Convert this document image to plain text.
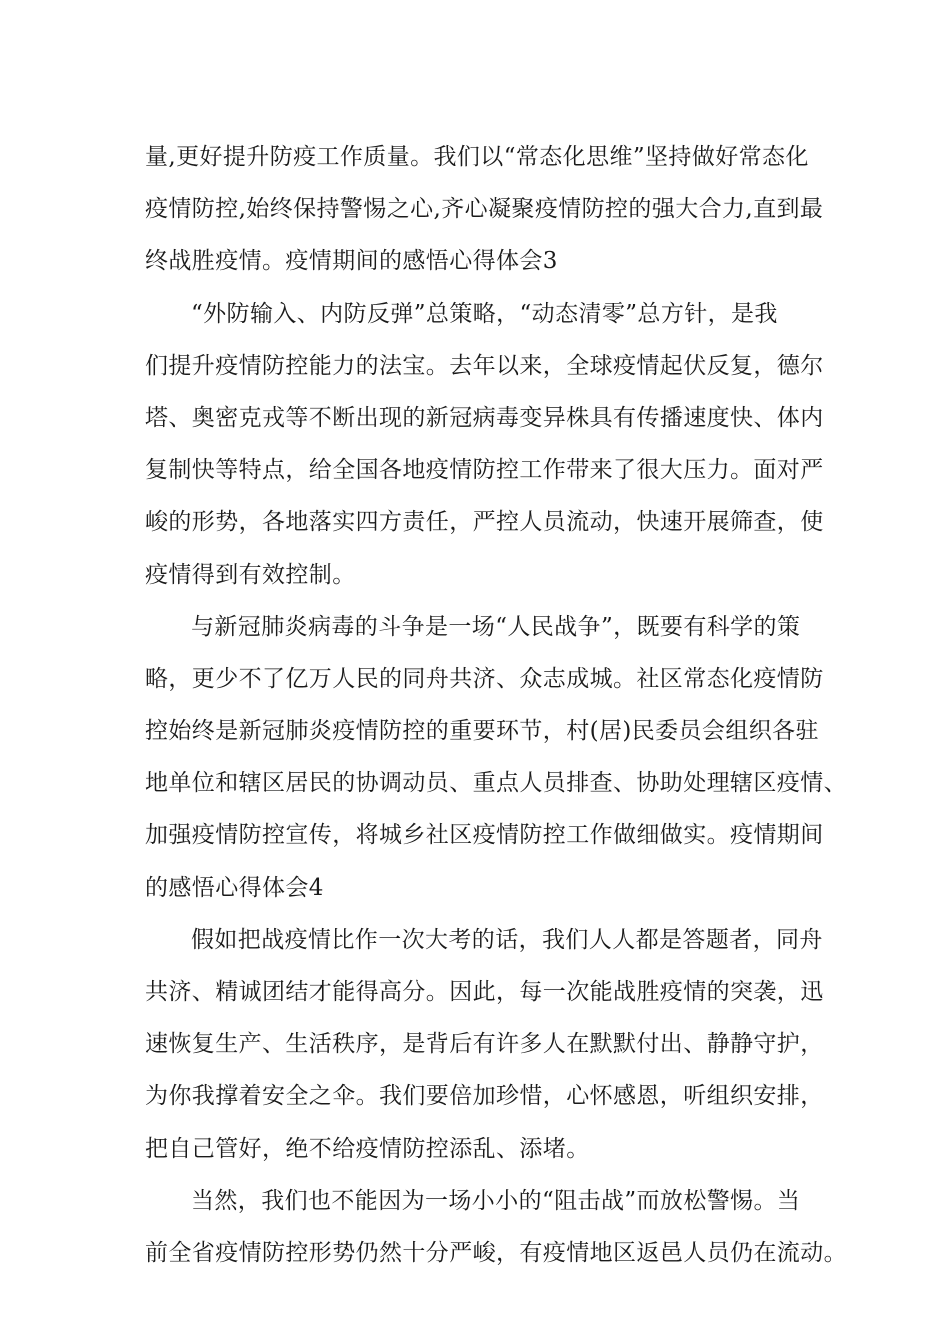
量,更好提升防疫工作质量。我们以“常态化思维”坚持做好常态化
疫情防控,始终保持警惕之心,齐心凝聚疫情防控的强大合力,直到最
终战胜疫情。疫情期间的感悟心得体会3
“外防输入、内防反弹”总策略，“动态清零”总方针，是我
们提升疫情防控能力的法宝。去年以来，全球疫情起伏反复，德尔
塔、奥密克戎等不断出现的新冠病毒变异株具有传播速度快、体内
复制快等特点，给全国各地疫情防控工作带来了很大压力。面对严
峻的形势，各地落实四方责任，严控人员流动，快速开展筛查，使
疫情得到有效控制。
与新冠肺炎病毒的斗争是一场“人民战争”，既要有科学的策
略，更少不了亿万人民的同舟共济、众志成城。社区常态化疫情防
控始终是新冠肺炎疫情防控的重要环节，村(居)民委员会组织各驻
地单位和辖区居民的协调动员、重点人员排查、协助处理辖区疫情、
加强疫情防控宣传，将城乡社区疫情防控工作做细做实。疫情期间
的感悟心得体会4
假如把战疫情比作一次大考的话，我们人人都是答题者，同舟
共济、精诚团结才能得高分。因此，每一次能战胜疫情的突袭，迅
速恢复生产、生活秩序，是背后有许多人在默默付出、静静守护，
为你我撑着安全之伞。我们要倍加珍惜，心怀感恩，听组织安排，
把自己管好，绝不给疫情防控添乱、添堵。
当然，我们也不能因为一场小小的“阻击战”而放松警惕。当
前全省疫情防控形势仍然十分严峻，有疫情地区返邑人员仍在流动。
